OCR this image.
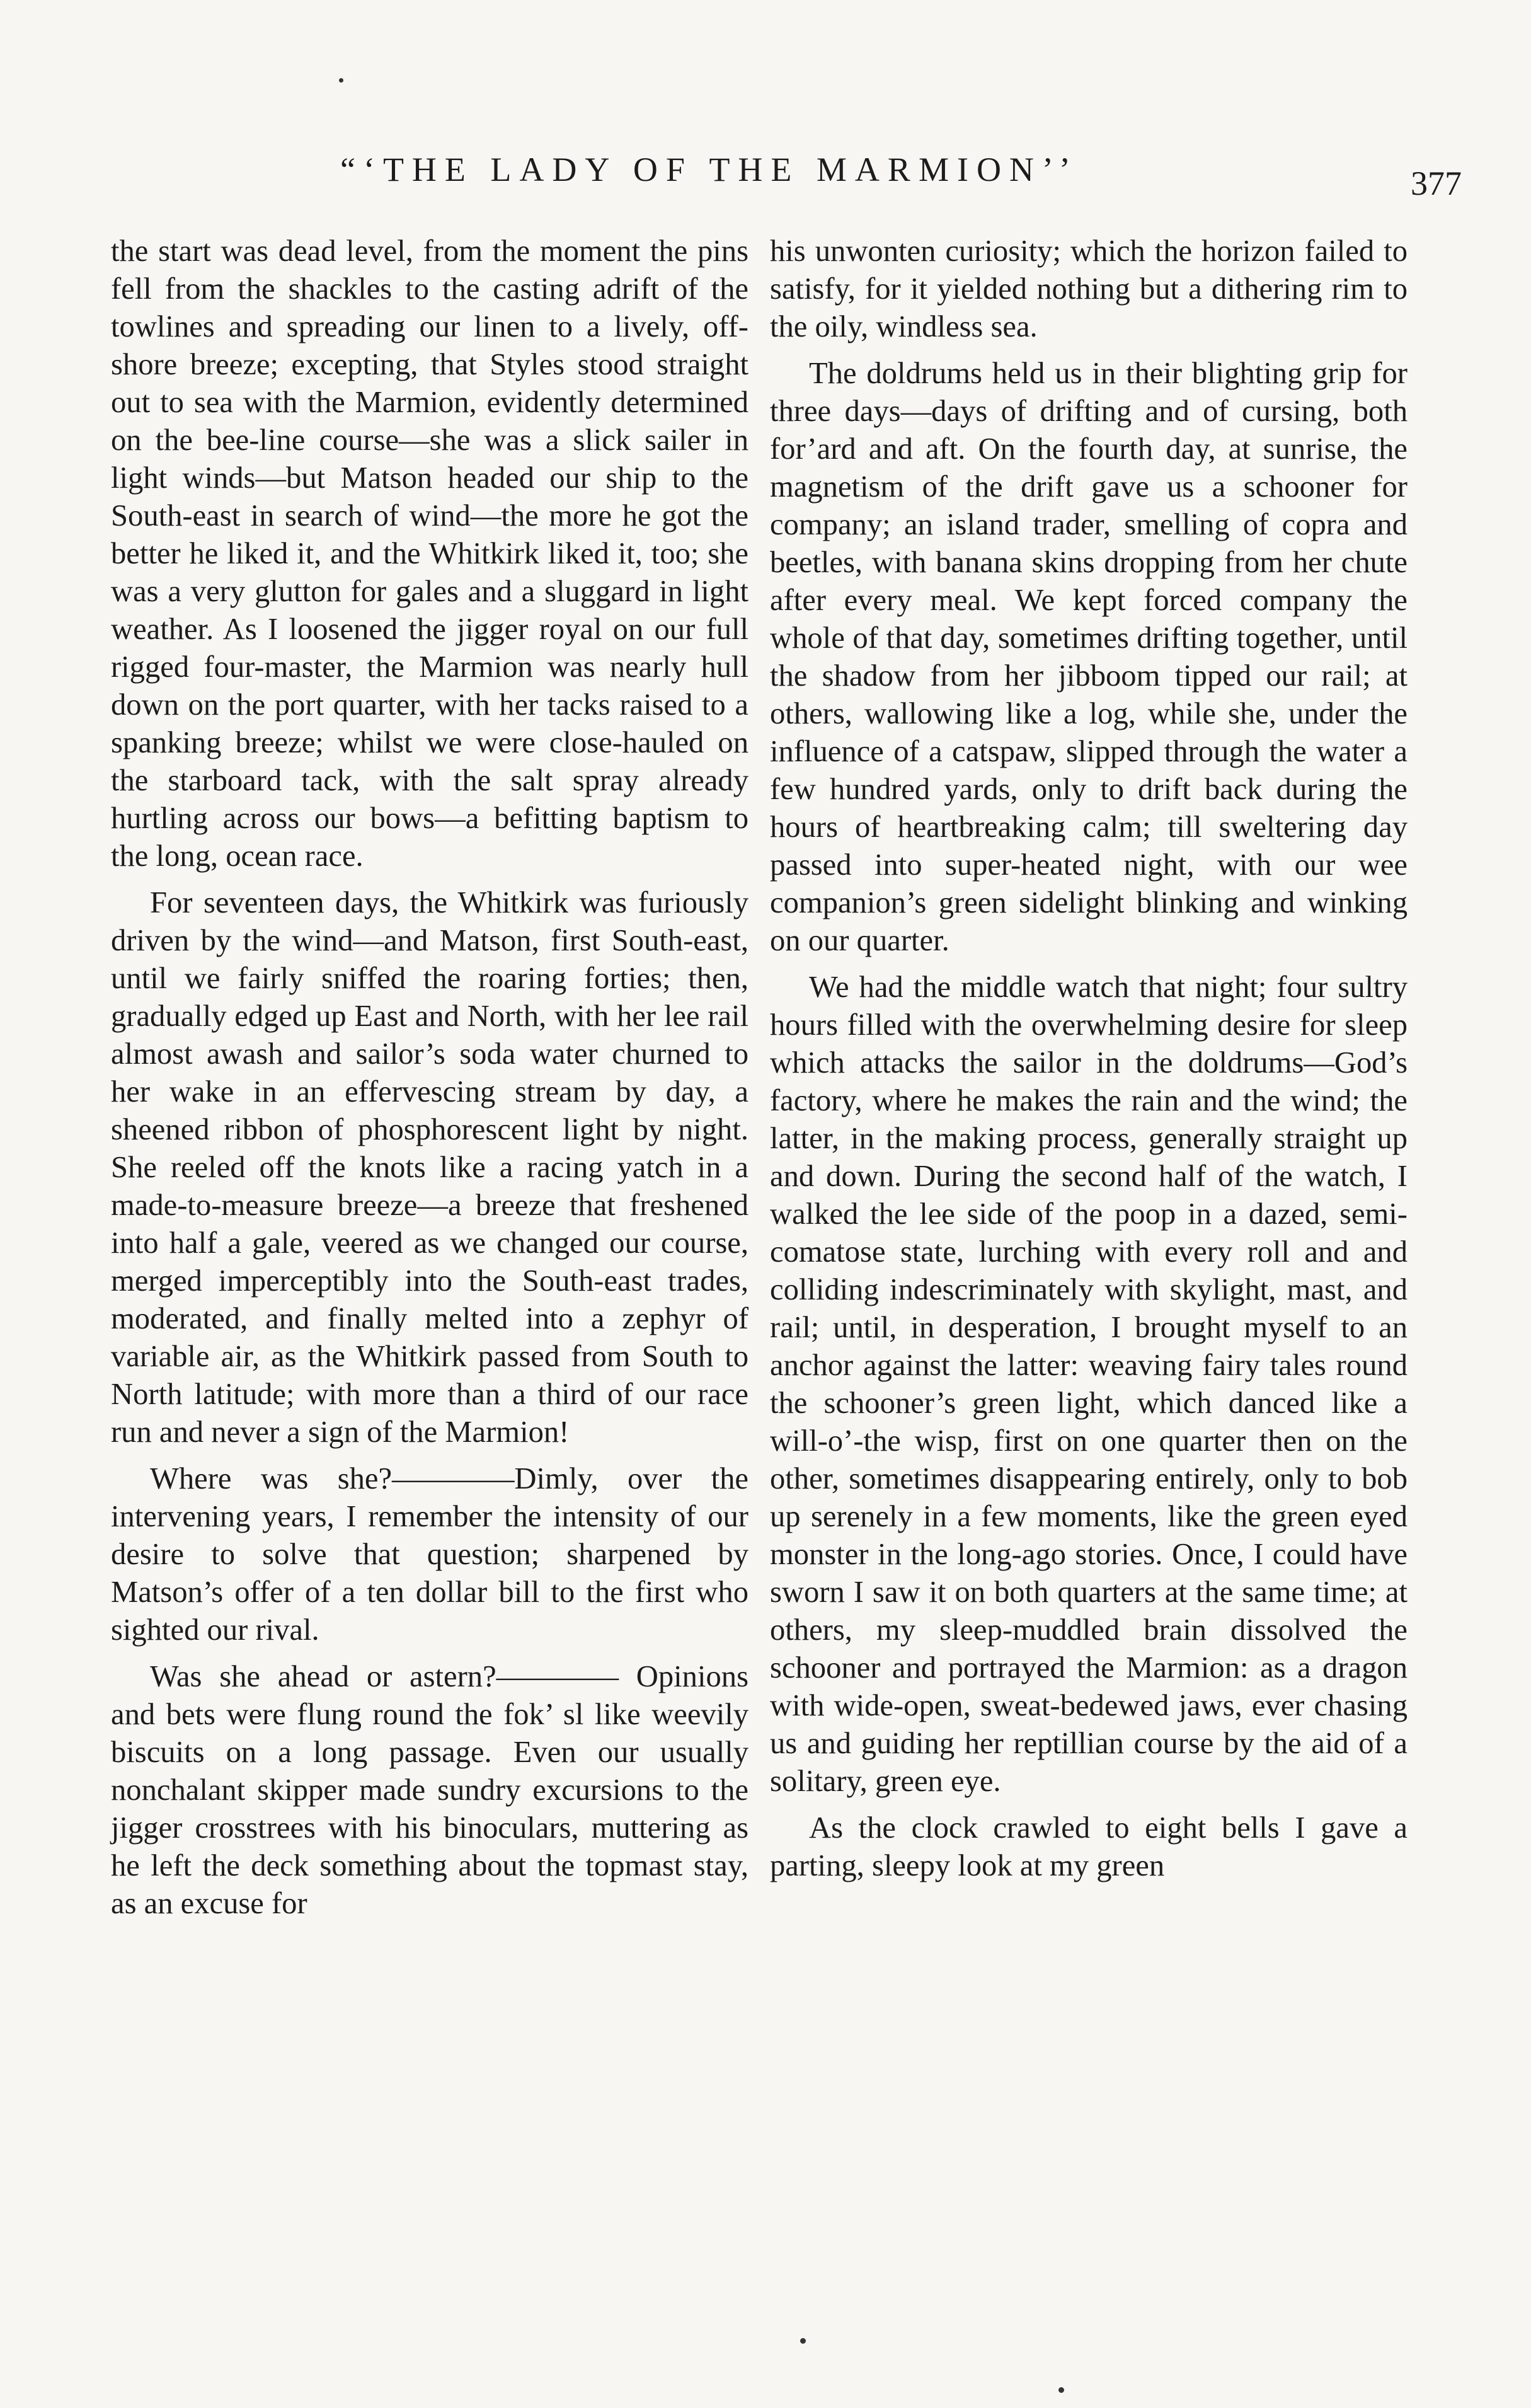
“‘THE LADY OF THE MARMION’’	377

the start was dead level, from the moment the pins fell from the shackles to the casting adrift of the towlines and spreading our linen to a lively, off-shore breeze; excepting, that Styles stood straight out to sea with the Marmion, evidently determined on the bee-line course—she was a slick sailer in light winds—but Matson headed our ship to the South-east in search of wind—the more he got the better he liked it, and the Whitkirk liked it, too; she was a very glutton for gales and a sluggard in light weather. As I loosened the jigger royal on our full rigged four-master, the Marmion was nearly hull down on the port quarter, with her tacks raised to a spanking breeze; whilst we were close-hauled on the starboard tack, with the salt spray already hurtling across our bows—a befitting baptism to the long, ocean race.

For seventeen days, the Whitkirk was furiously driven by the wind—and Matson, first South-east, until we fairly sniffed the roaring forties; then, gradually edged up East and North, with her lee rail almost awash and sailor’s soda water churned to her wake in an effervescing stream by day, a sheened ribbon of phosphorescent light by night. She reeled off the knots like a racing yatch in a made-to-measure breeze—a breeze that freshened into half a gale, veered as we changed our course, merged imperceptibly into the South-east trades, moderated, and finally melted into a zephyr of variable air, as the Whitkirk passed from South to North latitude; with more than a third of our race run and never a sign of the Marmion!

Where was she?————Dimly, over the intervening years, I remember the intensity of our desire to solve that question; sharpened by Matson’s offer of a ten dollar bill to the first who sighted our rival.

Was she ahead or astern?———— Opinions and bets were flung round the fok’ sl like weevily biscuits on a long passage. Even our usually nonchalant skipper made sundry excursions to the jigger crosstrees with his binoculars, muttering as he left the deck something about the topmast stay, as an excuse for

his unwonten curiosity; which the horizon failed to satisfy, for it yielded nothing but a dithering rim to the oily, windless sea.

The doldrums held us in their blighting grip for three days—days of drifting and of cursing, both for’ard and aft. On the fourth day, at sunrise, the magnetism of the drift gave us a schooner for company; an island trader, smelling of copra and beetles, with banana skins dropping from her chute after every meal. We kept forced company the whole of that day, sometimes drifting together, until the shadow from her jibboom tipped our rail; at others, wallowing like a log, while she, under the influence of a catspaw, slipped through the water a few hundred yards, only to drift back during the hours of heartbreaking calm; till sweltering day passed into super-heated night, with our wee companion’s green sidelight blinking and winking on our quarter.

We had the middle watch that night; four sultry hours filled with the overwhelming desire for sleep which attacks the sailor in the doldrums—God’s factory, where he makes the rain and the wind; the latter, in the making process, generally straight up and down. During the second half of the watch, I walked the lee side of the poop in a dazed, semi-comatose state, lurching with every roll and and colliding indescriminately with skylight, mast, and rail; until, in desperation, I brought myself to an anchor against the latter: weaving fairy tales round the schooner’s green light, which danced like a will-o’-the wisp, first on one quarter then on the other, sometimes disappearing entirely, only to bob up serenely in a few moments, like the green eyed monster in the long-ago stories. Once, I could have sworn I saw it on both quarters at the same time; at others, my sleep-muddled brain dissolved the schooner and portrayed the Marmion: as a dragon with wide-open, sweat-bedewed jaws, ever chasing us and guiding her reptillian course by the aid of a solitary, green eye.

As the clock crawled to eight bells I gave a parting, sleepy look at my green
